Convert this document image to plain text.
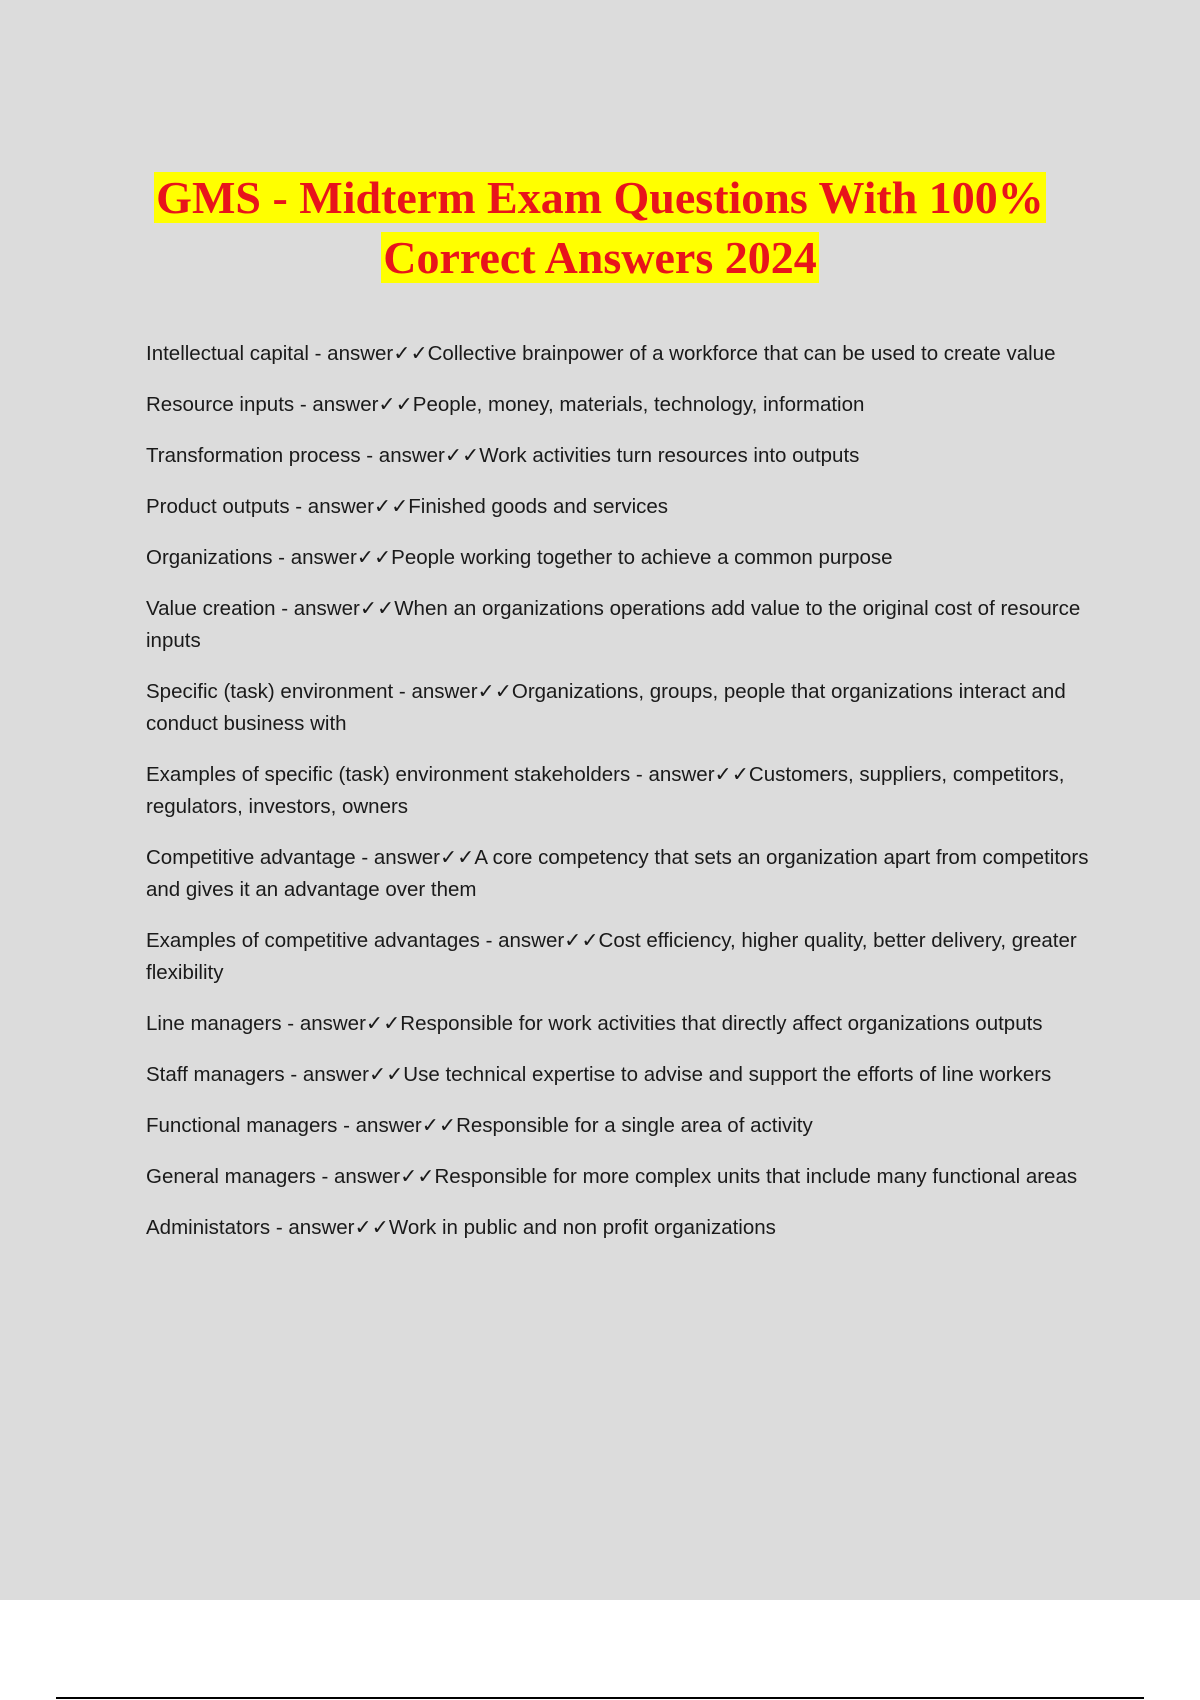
GMS - Midterm Exam Questions With 100%
Correct Answers 2024
Intellectual capital - answer✓✓Collective brainpower of a workforce that can be used to create value
Resource inputs - answer✓✓People, money, materials, technology, information
Transformation process - answer✓✓Work activities turn resources into outputs
Product outputs - answer✓✓Finished goods and services
Organizations - answer✓✓People working together to achieve a common purpose
Value creation - answer✓✓When an organizations operations add value to the original cost of resource inputs
Specific (task) environment - answer✓✓Organizations, groups, people that organizations interact and conduct business with
Examples of specific (task) environment stakeholders - answer✓✓Customers, suppliers, competitors, regulators, investors, owners
Competitive advantage - answer✓✓A core competency that sets an organization apart from competitors and gives it an advantage over them
Examples of competitive advantages - answer✓✓Cost efficiency, higher quality, better delivery, greater flexibility
Line managers - answer✓✓Responsible for work activities that directly affect organizations outputs
Staff managers - answer✓✓Use technical expertise to advise and support the efforts of line workers
Functional managers - answer✓✓Responsible for a single area of activity
General managers - answer✓✓Responsible for more complex units that include many functional areas
Administators - answer✓✓Work in public and non profit organizations
